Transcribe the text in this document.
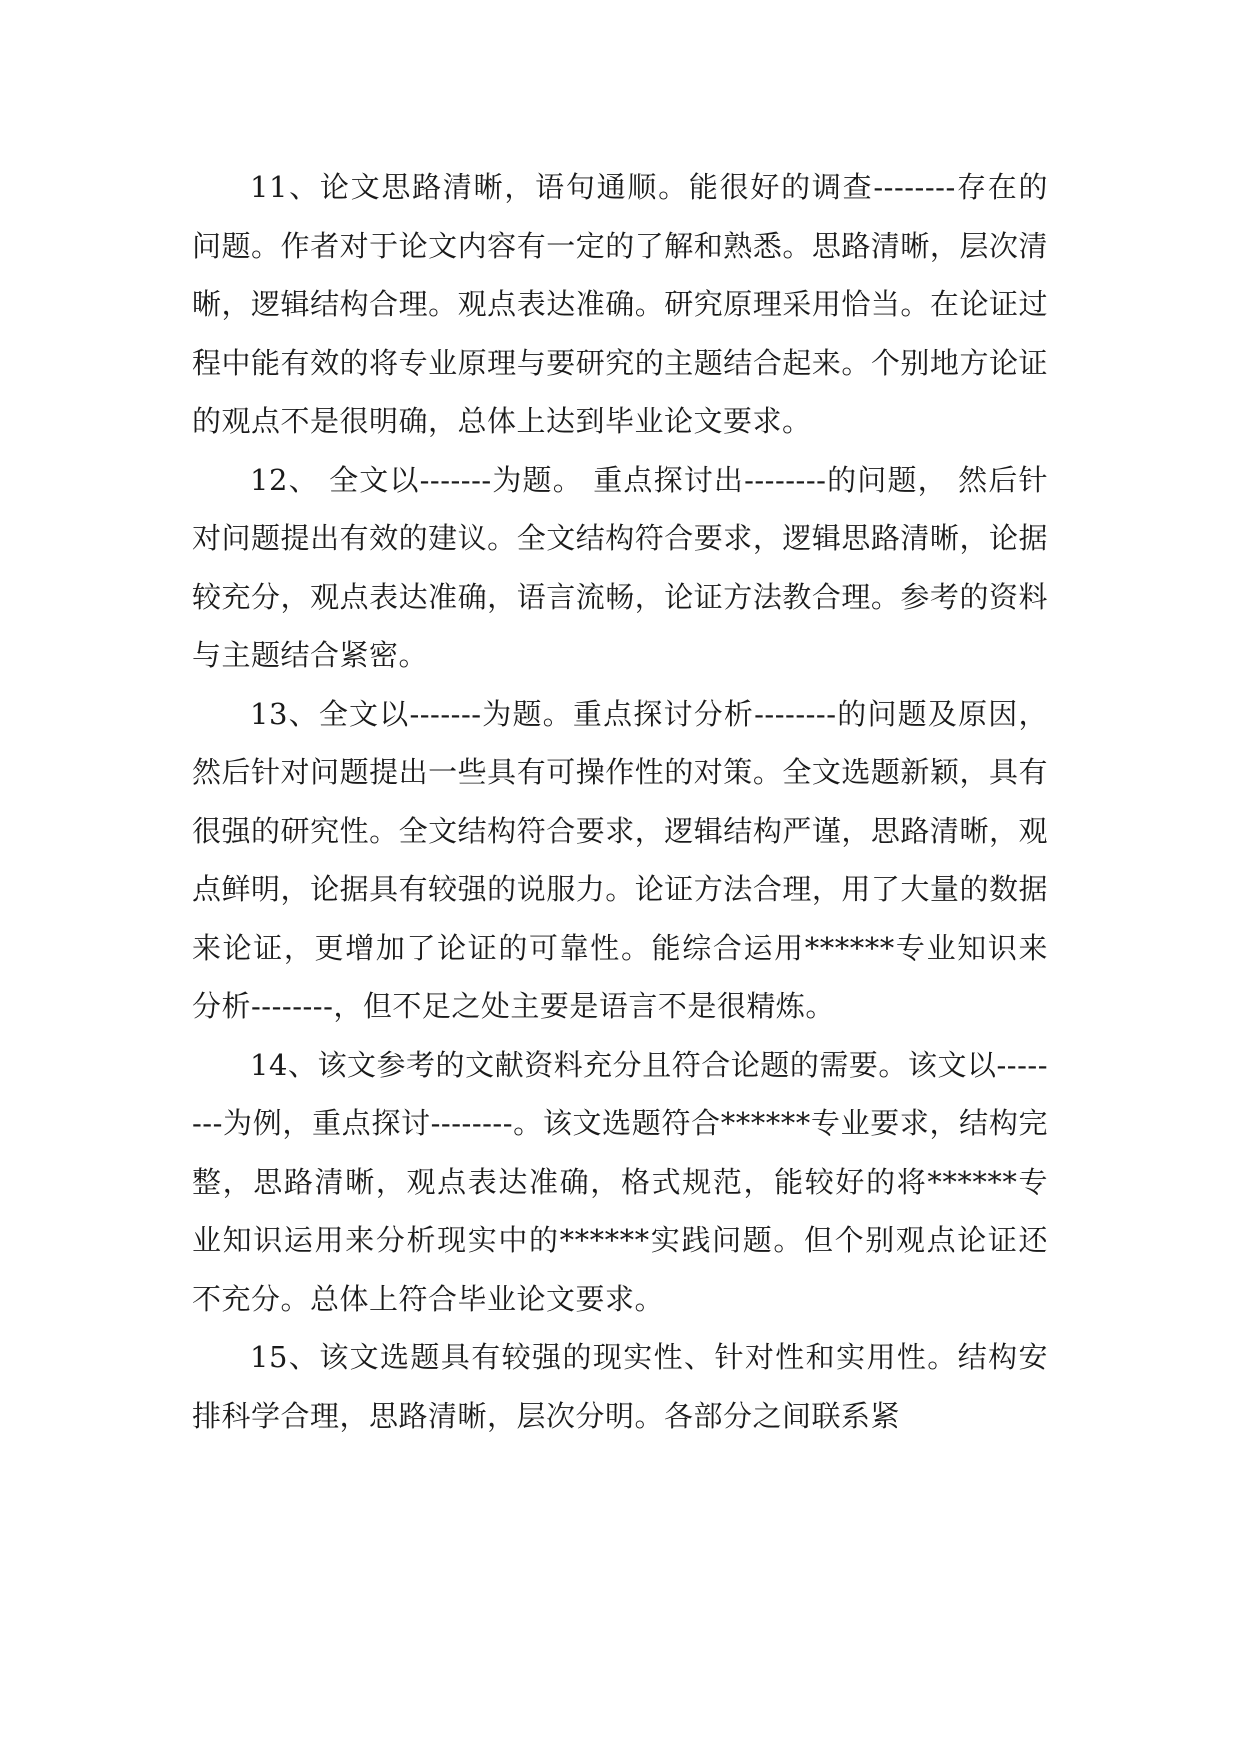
11、论文思路清晰，语句通顺。能很好的调查--------存在的问题。作者对于论文内容有一定的了解和熟悉。思路清晰，层次清晰，逻辑结构合理。观点表达准确。研究原理采用恰当。在论证过程中能有效的将专业原理与要研究的主题结合起来。个别地方论证的观点不是很明确，总体上达到毕业论文要求。

12、 全文以-------为题。 重点探讨出--------的问题， 然后针对问题提出有效的建议。全文结构符合要求，逻辑思路清晰，论据较充分，观点表达准确，语言流畅，论证方法教合理。参考的资料与主题结合紧密。

13、全文以-------为题。重点探讨分析--------的问题及原因，然后针对问题提出一些具有可操作性的对策。全文选题新颖，具有很强的研究性。全文结构符合要求，逻辑结构严谨，思路清晰，观点鲜明，论据具有较强的说服力。论证方法合理，用了大量的数据来论证，更增加了论证的可靠性。能综合运用******专业知识来分析--------，但不足之处主要是语言不是很精炼。

14、该文参考的文献资料充分且符合论题的需要。该文以--------为例，重点探讨--------。该文选题符合******专业要求，结构完整，思路清晰，观点表达准确，格式规范，能较好的将******专业知识运用来分析现实中的******实践问题。但个别观点论证还不充分。总体上符合毕业论文要求。

15、该文选题具有较强的现实性、针对性和实用性。结构安排科学合理，思路清晰，层次分明。各部分之间联系紧
